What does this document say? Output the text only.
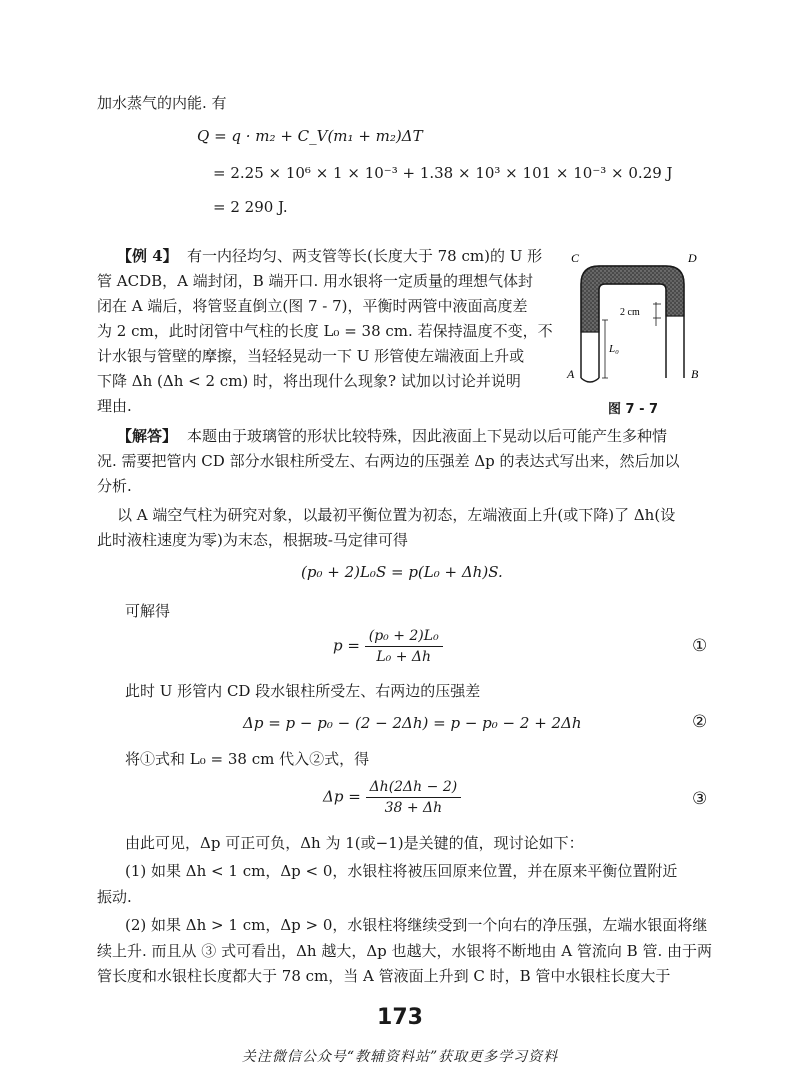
加水蒸气的内能. 有
Q = q · m₂ + C_V(m₁ + m₂)ΔT
= 2.25 × 10⁶ × 1 × 10⁻³ + 1.38 × 10³ × 101 × 10⁻³ × 0.29 J
= 2 290 J.
【例 4】 有一内径均匀、两支管等长(长度大于 78 cm)的 U 形
管 ACDB，A 端封闭，B 端开口. 用水银将一定质量的理想气体封
闭在 A 端后，将管竖直倒立(图 7 - 7)，平衡时两管中液面高度差
为 2 cm，此时闭管中气柱的长度 L₀ = 38 cm. 若保持温度不变，不
计水银与管壁的摩擦，当轻轻晃动一下 U 形管使左端液面上升或
下降 Δh (Δh < 2 cm) 时，将出现什么现象? 试加以讨论并说明
理由.
C	D
A	B
2 cm
L₀
图 7 - 7
【解答】 本题由于玻璃管的形状比较特殊，因此液面上下晃动以后可能产生多种情
况. 需要把管内 CD 部分水银柱所受左、右两边的压强差 Δp 的表达式写出来，然后加以
分析.
以 A 端空气柱为研究对象，以最初平衡位置为初态，左端液面上升(或下降)了 Δh(设
此时液柱速度为零)为末态，根据玻-马定律可得
(p₀ + 2)L₀S = p(L₀ + Δh)S.
可解得
$p = \frac{\text{(p₀ + 2)L₀}}{\text{L₀ + Δh}}$	①
此时 U 形管内 CD 段水银柱所受左、右两边的压强差
Δp = p − p₀ − (2 − 2Δh) = p − p₀ − 2 + 2Δh	②
将①式和 L₀ = 38 cm 代入②式，得
$\Delta p = \frac{\Delta h(2\Delta h - 2)}{38 + \Delta h}$	③
由此可见，Δp 可正可负，Δh 为 1(或−1)是关键的值，现讨论如下：
(1) 如果 Δh < 1 cm，Δp < 0，水银柱将被压回原来位置，并在原来平衡位置附近
振动.
(2) 如果 Δh > 1 cm，Δp > 0，水银柱将继续受到一个向右的净压强，左端水银面将继
续上升. 而且从 ③ 式可看出，Δh 越大，Δp 也越大，水银将不断地由 A 管流向 B 管. 由于两
管长度和水银柱长度都大于 78 cm，当 A 管液面上升到 C 时，B 管中水银柱长度大于
173
关注微信公众号“教辅资料站”获取更多学习资料
